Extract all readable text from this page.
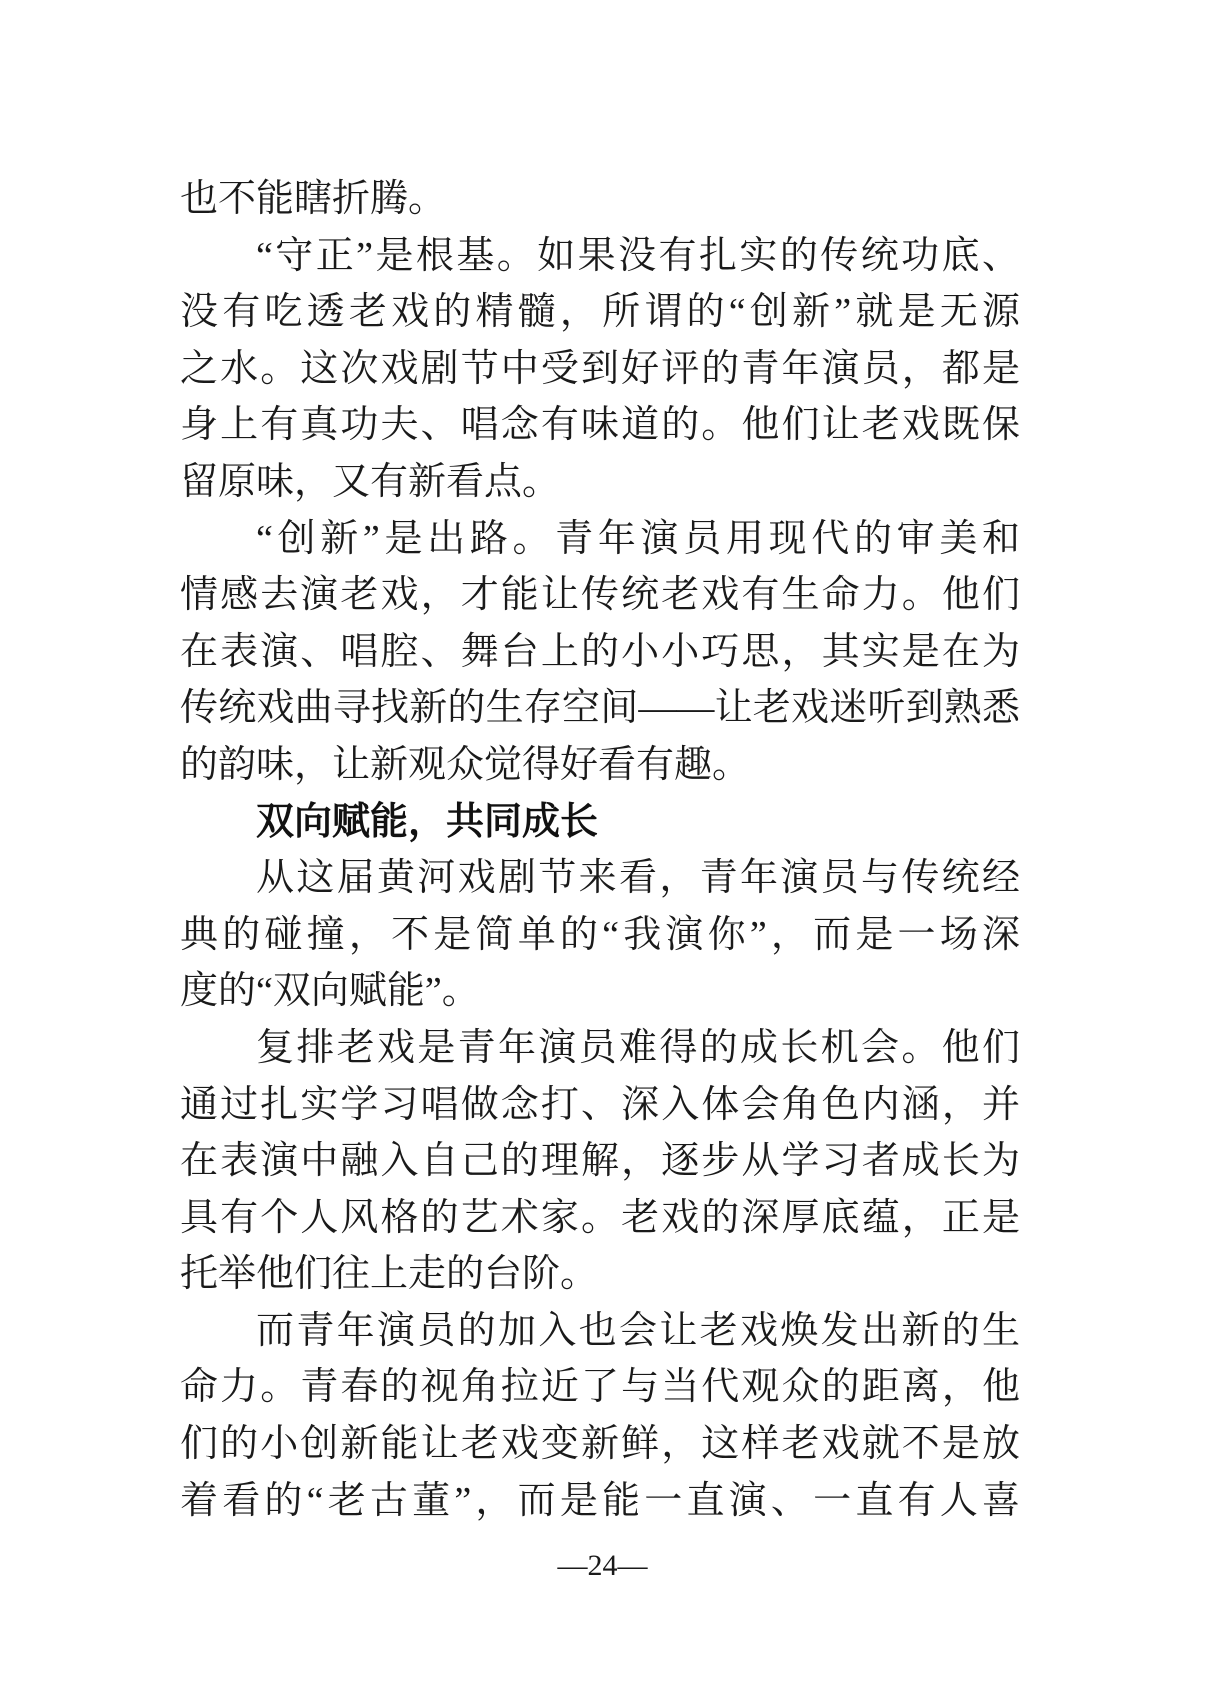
也不能瞎折腾。
“守正”是根基。如果没有扎实的传统功底、
没有吃透老戏的精髓，所谓的“创新”就是无源
之水。这次戏剧节中受到好评的青年演员，都是
身上有真功夫、唱念有味道的。他们让老戏既保
留原味，又有新看点。
“创新”是出路。青年演员用现代的审美和
情感去演老戏，才能让传统老戏有生命力。他们
在表演、唱腔、舞台上的小小巧思，其实是在为
传统戏曲寻找新的生存空间——让老戏迷听到熟悉
的韵味，让新观众觉得好看有趣。
双向赋能，共同成长
从这届黄河戏剧节来看，青年演员与传统经
典的碰撞，不是简单的“我演你”，而是一场深
度的“双向赋能”。
复排老戏是青年演员难得的成长机会。他们
通过扎实学习唱做念打、深入体会角色内涵，并
在表演中融入自己的理解，逐步从学习者成长为
具有个人风格的艺术家。老戏的深厚底蕴，正是
托举他们往上走的台阶。
而青年演员的加入也会让老戏焕发出新的生
命力。青春的视角拉近了与当代观众的距离，他
们的小创新能让老戏变新鲜，这样老戏就不是放
着看的“老古董”，而是能一直演、一直有人喜
—24—
